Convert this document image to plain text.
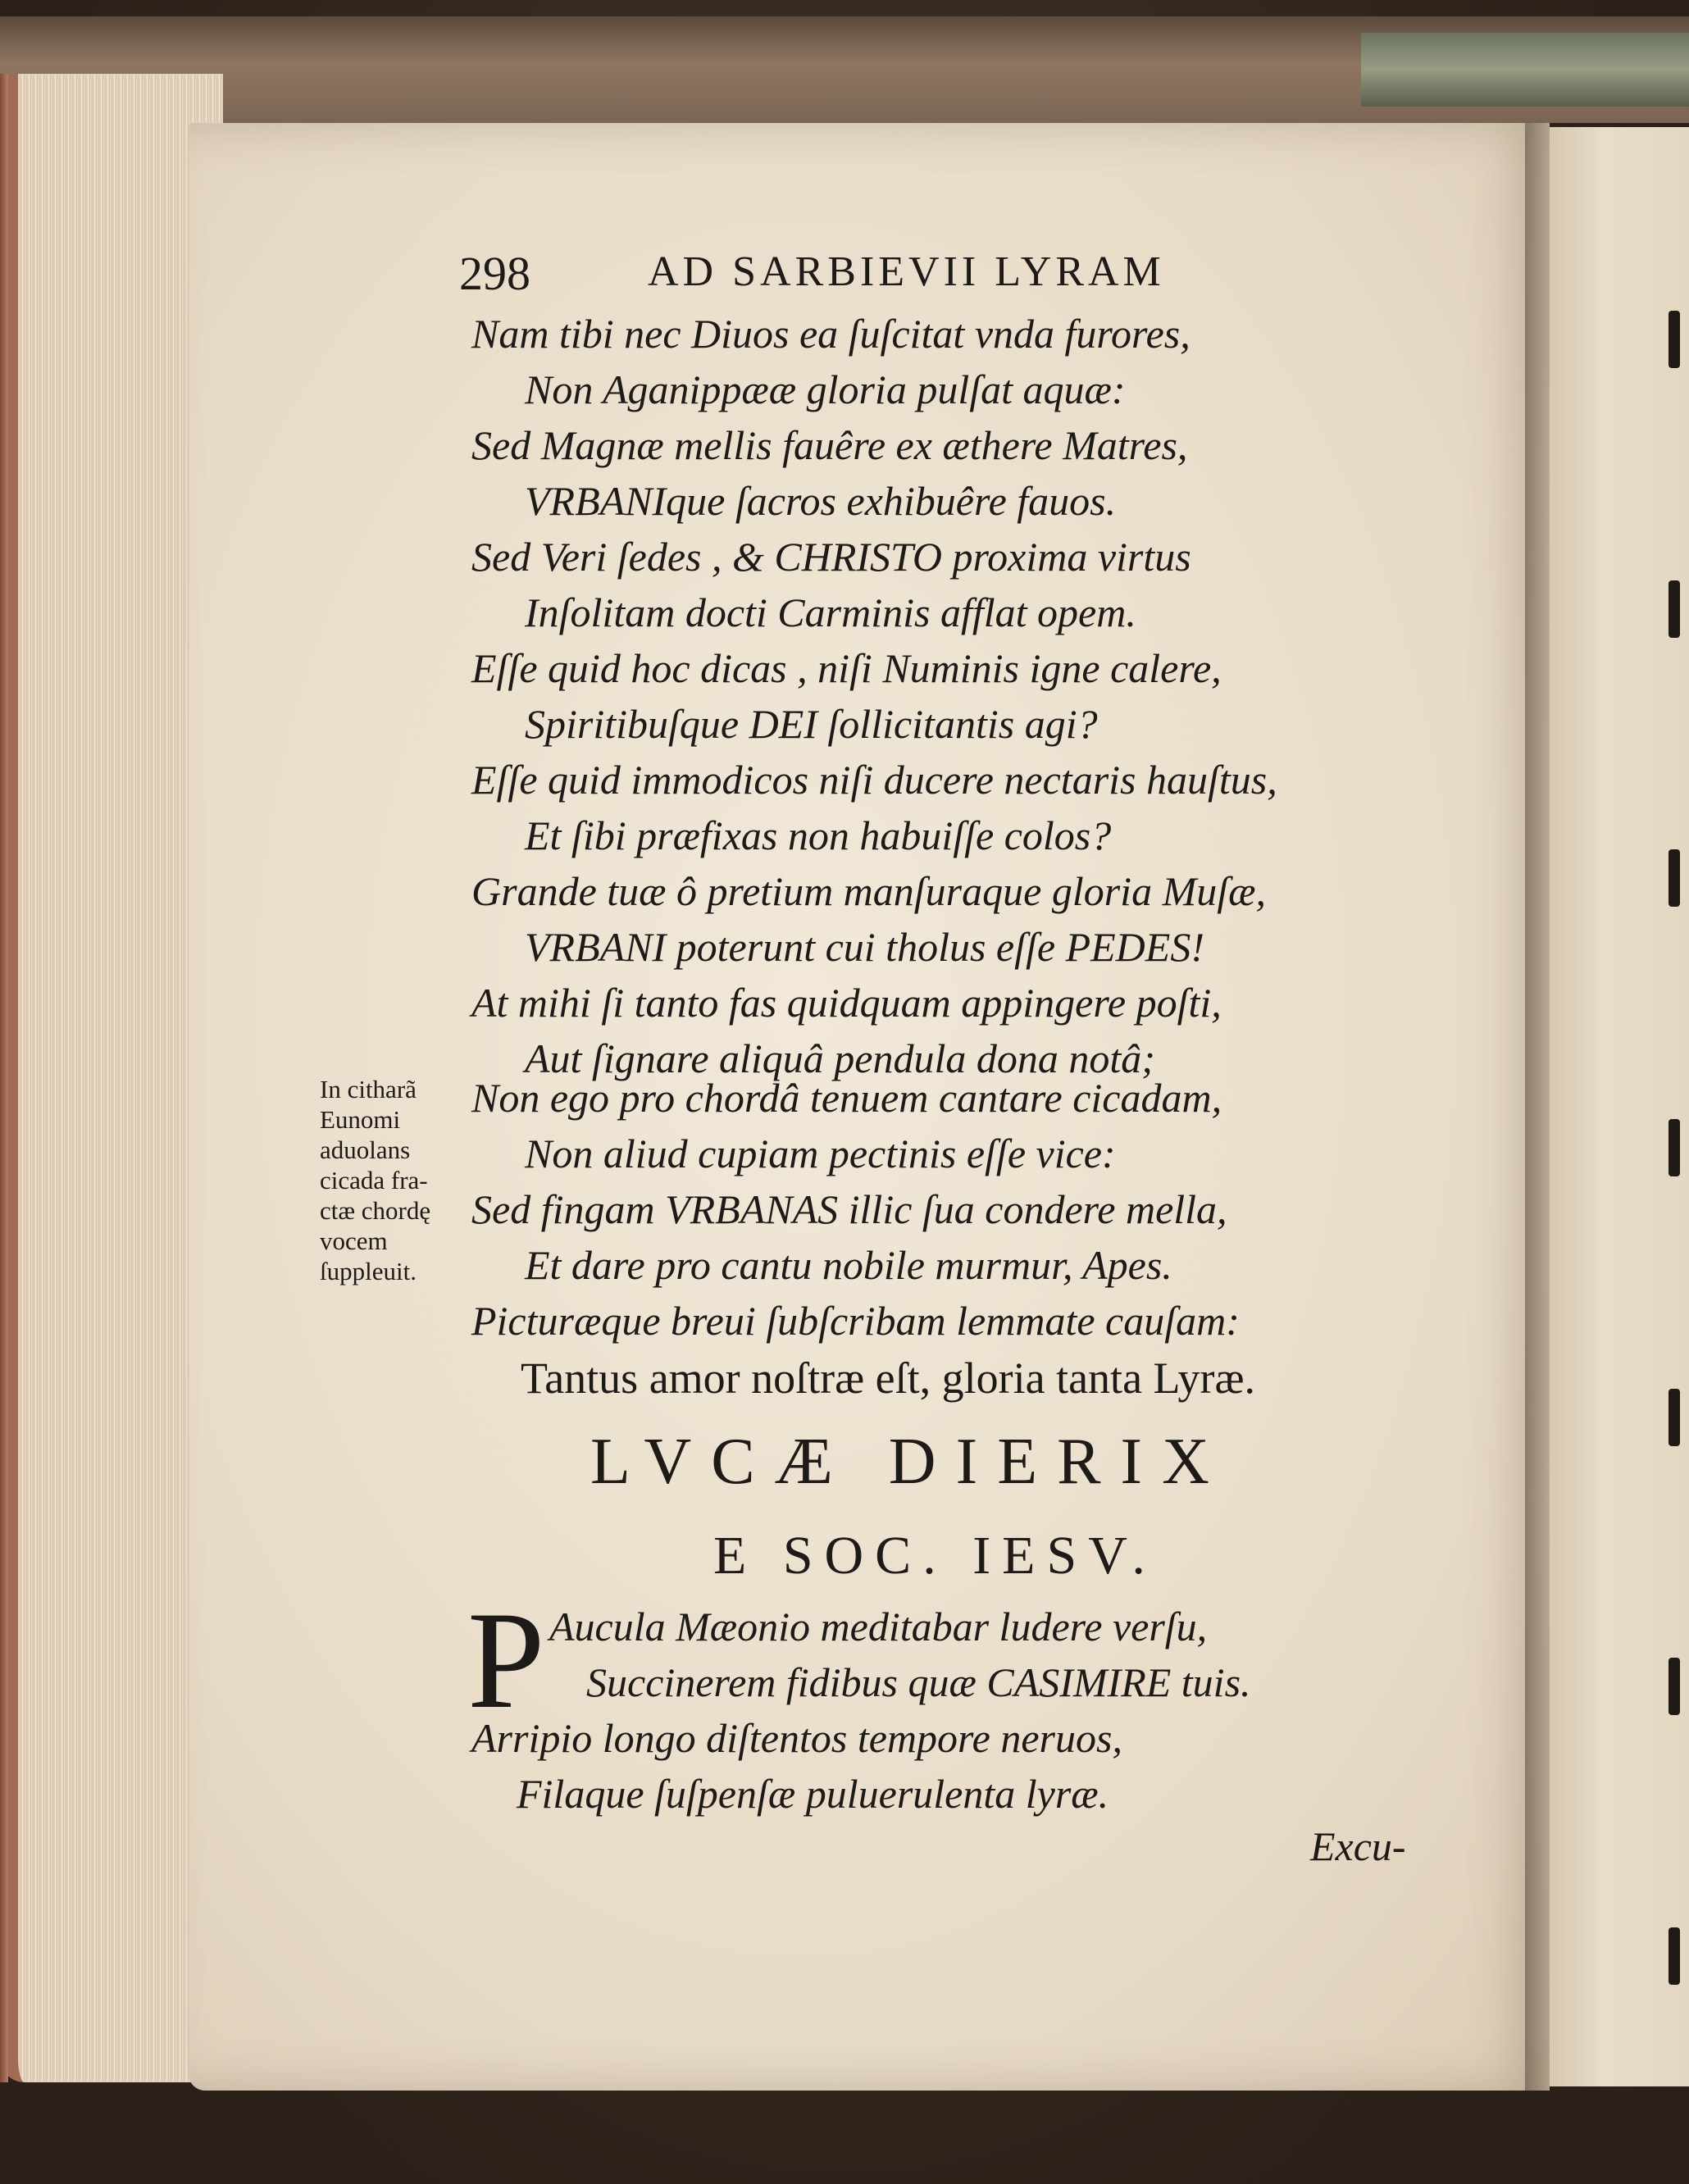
298	AD SARBIEVII LYRAM
Nam tibi nec Diuos ea ſuſcitat vnda furores,
Non Aganippææ gloria pulſat aquæ:
Sed Magnæ mellis fauêre ex æthere Matres,
VRBANIque ſacros exhibuêre fauos.
Sed Veri ſedes , & CHRISTO proxima virtus
Inſolitam docti Carminis afflat opem.
Eſſe quid hoc dicas , niſi Numinis igne calere,
Spiritibuſque DEI ſollicitantis agi?
Eſſe quid immodicos niſi ducere nectaris hauſtus,
Et ſibi præfixas non habuiſſe colos?
Grande tuæ ô pretium manſuraque gloria Muſæ,
VRBANI poterunt cui tholus eſſe PEDES!
At mihi ſi tanto fas quidquam appingere poſti,
Aut ſignare aliquâ pendula dona notâ;
Non ego pro chordâ tenuem cantare cicadam,
Non aliud cupiam pectinis eſſe vice:
Sed fingam VRBANAS illic ſua condere mella,
Et dare pro cantu nobile murmur, Apes.
Picturæque breui ſubſcribam lemmate cauſam:
Tantus amor noſtræ eſt, gloria tanta Lyræ.
In citharã
Eunomi
aduolans
cicada fra-
ctæ chordę
vocem
ſuppleuit.
LVCÆ DIERIX
E SOC. IESV.
P Aucula Mæonio meditabar ludere verſu,
Succinerem fidibus quæ CASIMIRE tuis.
Arripio longo diſtentos tempore neruos,
Filaque ſuſpenſæ puluerulenta lyræ.
Excu-
